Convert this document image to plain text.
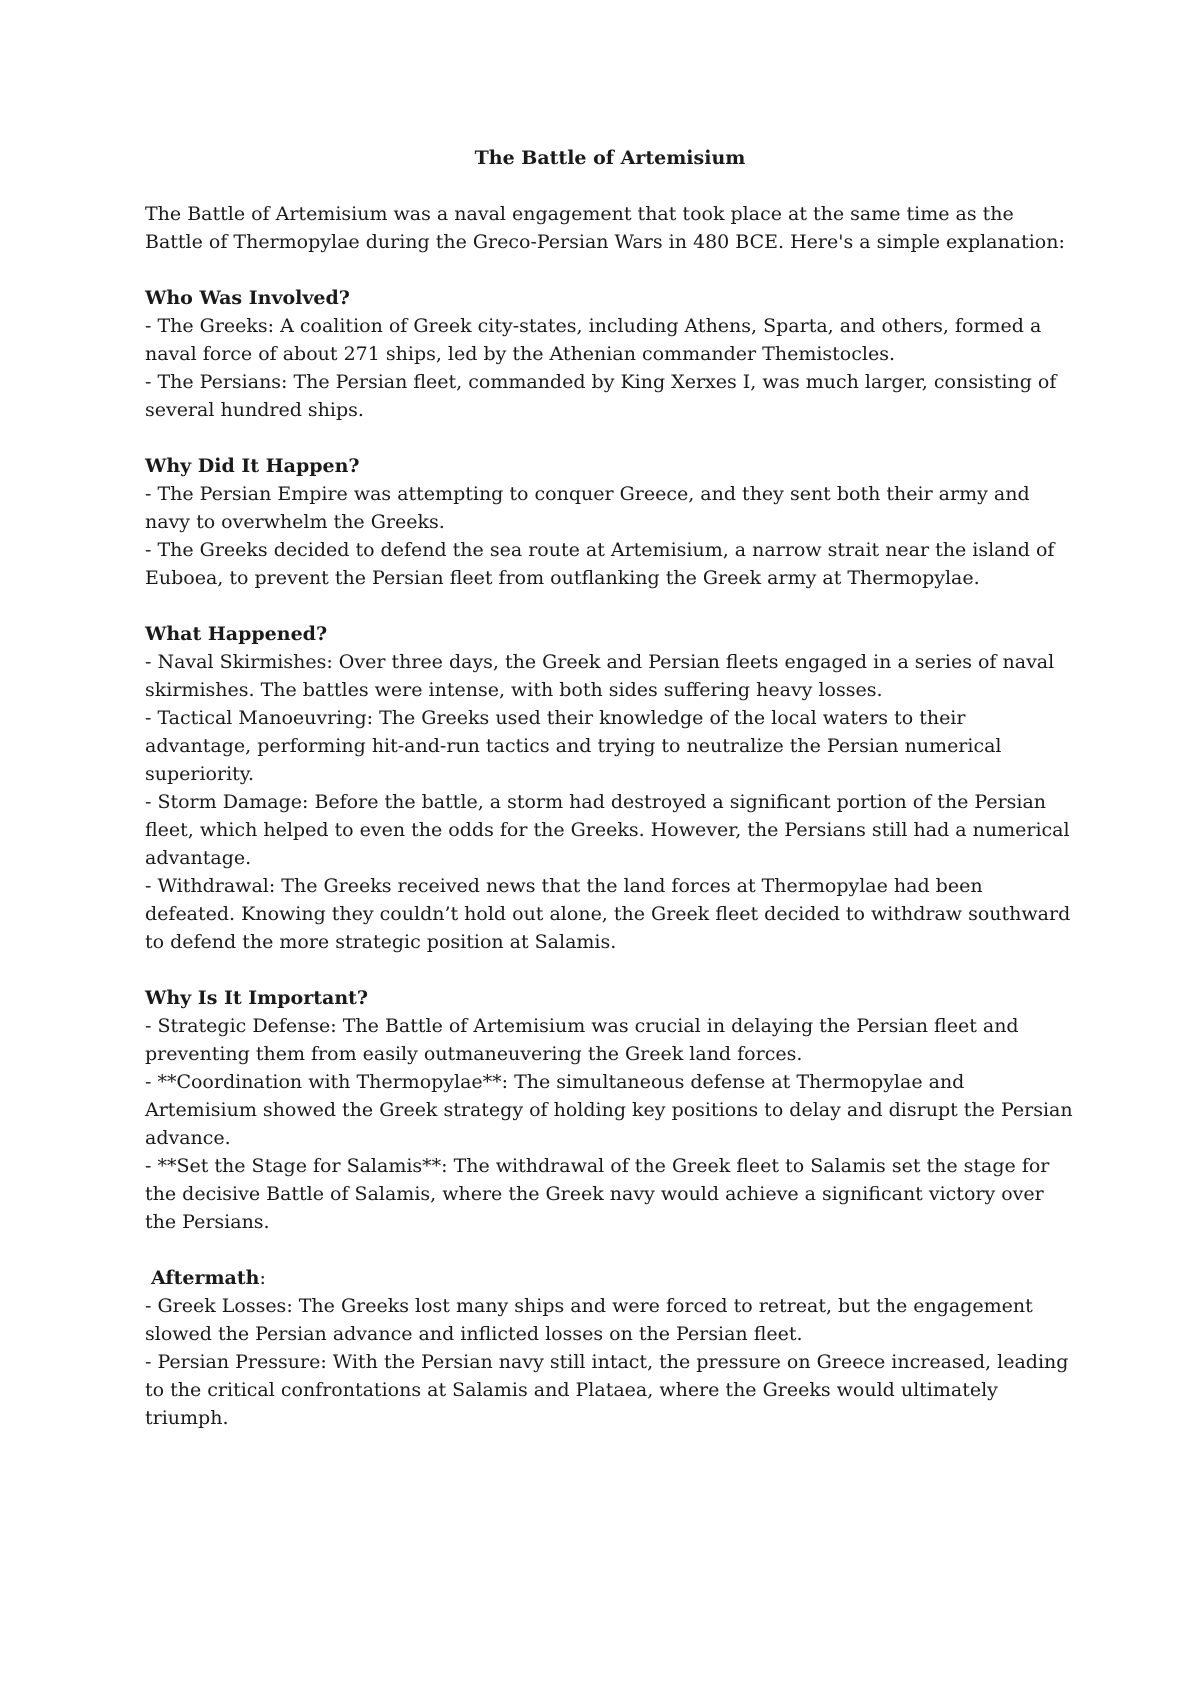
The Battle of Artemisium
The Battle of Artemisium was a naval engagement that took place at the same time as the Battle of Thermopylae during the Greco-Persian Wars in 480 BCE. Here's a simple explanation:
Who Was Involved?
- The Greeks: A coalition of Greek city-states, including Athens, Sparta, and others, formed a naval force of about 271 ships, led by the Athenian commander Themistocles.
- The Persians: The Persian fleet, commanded by King Xerxes I, was much larger, consisting of several hundred ships.
Why Did It Happen?
- The Persian Empire was attempting to conquer Greece, and they sent both their army and navy to overwhelm the Greeks.
- The Greeks decided to defend the sea route at Artemisium, a narrow strait near the island of Euboea, to prevent the Persian fleet from outflanking the Greek army at Thermopylae.
What Happened?
- Naval Skirmishes: Over three days, the Greek and Persian fleets engaged in a series of naval skirmishes. The battles were intense, with both sides suffering heavy losses.
- Tactical Manoeuvring: The Greeks used their knowledge of the local waters to their advantage, performing hit-and-run tactics and trying to neutralize the Persian numerical superiority.
- Storm Damage: Before the battle, a storm had destroyed a significant portion of the Persian fleet, which helped to even the odds for the Greeks. However, the Persians still had a numerical advantage.
- Withdrawal: The Greeks received news that the land forces at Thermopylae had been defeated. Knowing they couldn’t hold out alone, the Greek fleet decided to withdraw southward to defend the more strategic position at Salamis.
Why Is It Important?
- Strategic Defense: The Battle of Artemisium was crucial in delaying the Persian fleet and preventing them from easily outmaneuvering the Greek land forces.
- **Coordination with Thermopylae**: The simultaneous defense at Thermopylae and Artemisium showed the Greek strategy of holding key positions to delay and disrupt the Persian advance.
- **Set the Stage for Salamis**: The withdrawal of the Greek fleet to Salamis set the stage for the decisive Battle of Salamis, where the Greek navy would achieve a significant victory over the Persians.
Aftermath:
- Greek Losses: The Greeks lost many ships and were forced to retreat, but the engagement slowed the Persian advance and inflicted losses on the Persian fleet.
- Persian Pressure: With the Persian navy still intact, the pressure on Greece increased, leading to the critical confrontations at Salamis and Plataea, where the Greeks would ultimately triumph.
